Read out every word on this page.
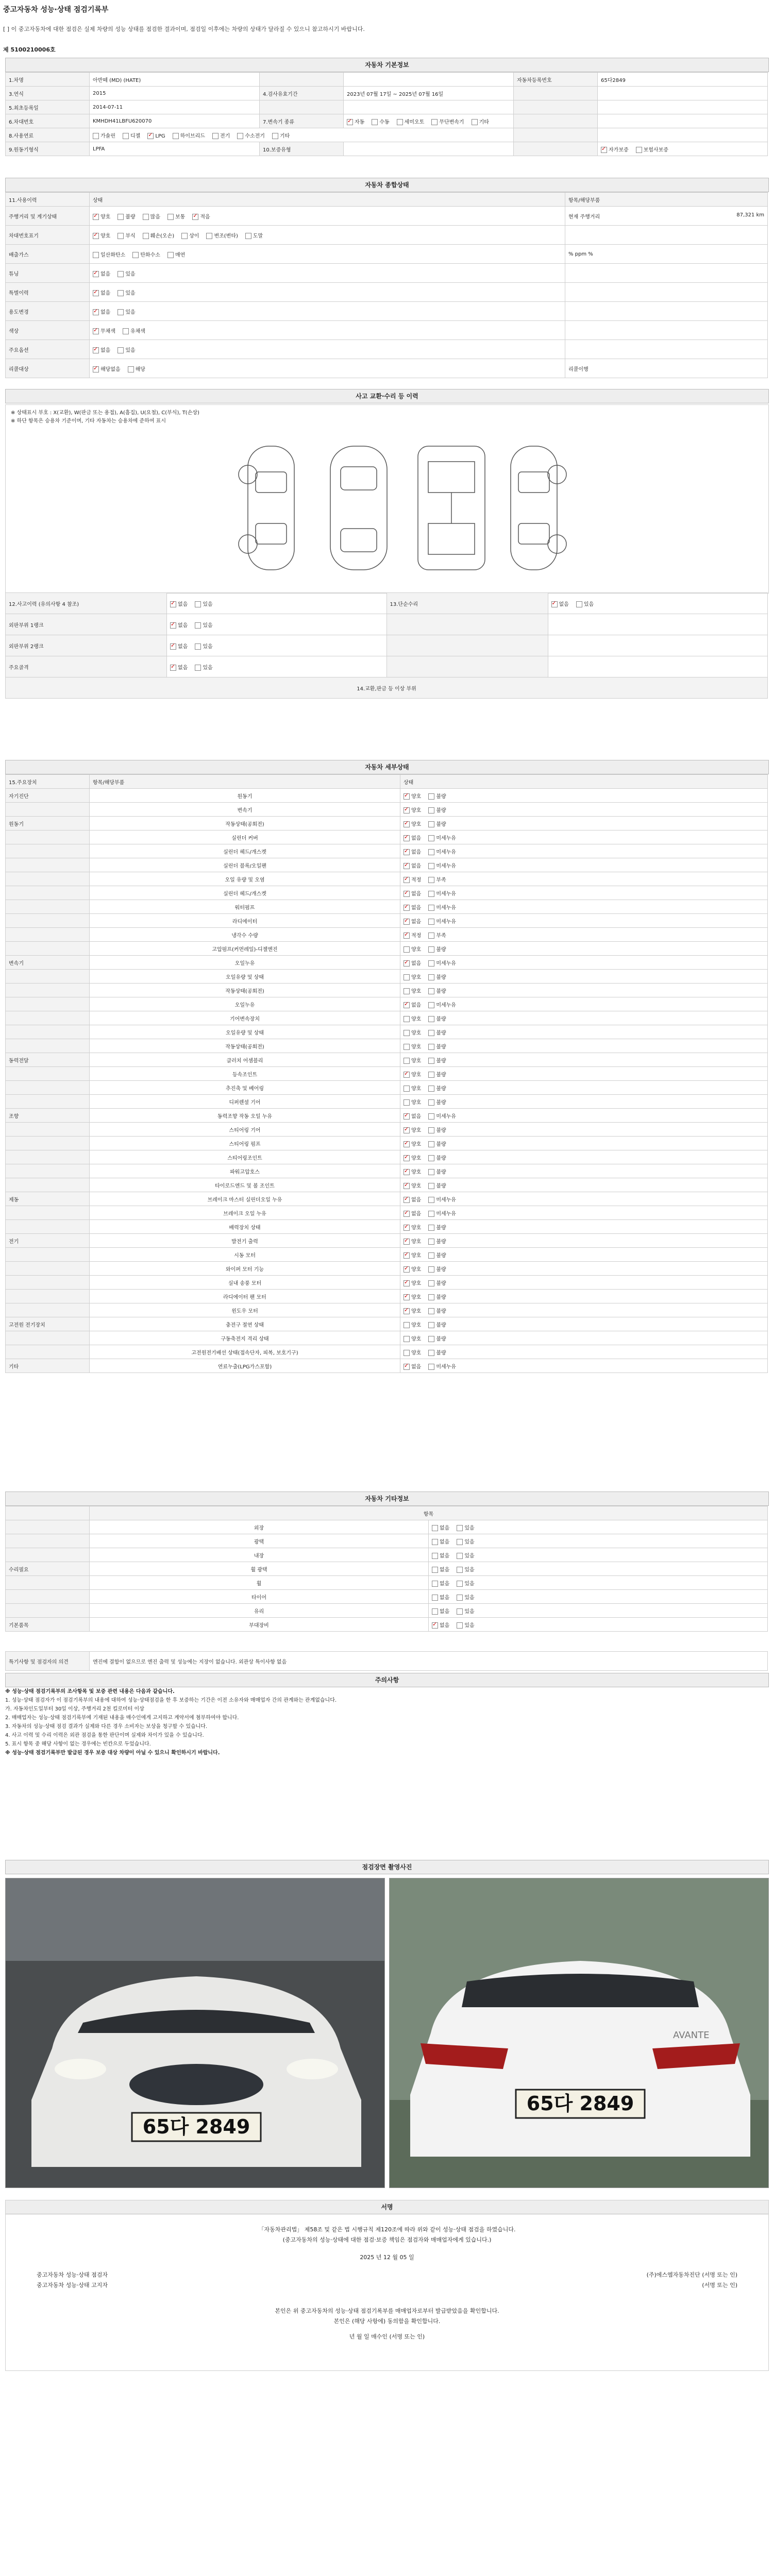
중고자동차 성능·상태 점검기록부
[ ] 이 중고자동차에 대한 점검은 실제 차량의 성능 상태를 점검한 결과이며, 점검일 이후에는 차량의 상태가 달라질 수 있으니 참고하시기 바랍니다.
제 5100210006호
자동차 기본정보
1.차명	아반떼 (MD) (HATE)			자동차등록번호	65다2849
3.연식	2015	4.검사유효기간	2023년 07월 17일 ~ 2025년 07월 16일		
5.최초등록일	2014-07-11				
6.차대번호	KMHDH41LBFU620070	7.변속기 종류	✓자동 수동 세미오토 무단변속기 기타		
8.사용연료	가솔린 디젤 ✓ LPG 하이브리드 전기 수소전기 기타		
9.원동기형식	LPFA	10.보증유형			✓자가보증 보험사보증
자동차 종합상태
11.사용이력	상태	항목/해당부품
주행거리 및 계기상태	✓양호 불량 많음 보통 ✓ 적음	현재 주행거리 87,321 km

차대번호표기	✓양호 부식 훼손(오손) 상이 변조(변타) 도말	

배출가스	일산화탄소 탄화수소 매연	% ppm %

튜닝	✓없음 있음	

특별이력	✓없음 있음	

용도변경	✓없음 있음	

색상	✓무채색 유채색	

주요옵션	✓없음 있음	

리콜대상	✓해당없음 해당	리콜이행
사고 교환·수리 등 이력
※ 상태표시 부호 : X(교환), W(판금 또는 용접), A(흠집), U(요철), C(부식), T(손상)
※ 하단 항목은 승용차 기준이며, 기타 자동차는 승용차에 준하여 표시
12.사고이력 (유의사항 4 참조)	✓없음 있음	13.단순수리	✓없음 있음
외판부위 1랭크	✓없음 있음		
외판부위 2랭크	✓없음 있음		
주요골격	✓없음 있음		
14.교환,판금 등 이상 부위			
자동차 세부상태
15.주요장치	항목/해당부품	상태
자기진단	원동기	✓양호 불량
	변속기	✓양호 불량
원동기	작동상태(공회전)	✓양호 불량
	실린더 커버	✓없음 미세누유
	실린더 헤드/개스켓	✓없음 미세누유
	실린더 블록/오일팬	✓없음 미세누유
	오일 유량 및 오염	✓적정 부족
	실린더 헤드/개스켓	✓없음 미세누유
	워터펌프	✓없음 미세누유
	라디에이터	✓없음 미세누유
	냉각수 수량	✓적정 부족
	고압펌프(커먼레일)-디젤엔진	양호 불량
변속기	오일누유	✓없음 미세누유
	오일유량 및 상태	양호 불량
	작동상태(공회전)	양호 불량
	오일누유	✓없음 미세누유
	기어변속장치	양호 불량
	오일유량 및 상태	양호 불량
	작동상태(공회전)	양호 불량
동력전달	클러치 어셈블리	양호 불량
	등속조인트	✓양호 불량
	추진축 및 베어링	양호 불량
	디퍼렌셜 기어	양호 불량
조향	동력조향 작동 오일 누유	✓없음 미세누유
	스티어링 기어	✓양호 불량
	스티어링 펌프	✓양호 불량
	스티어링조인트	✓양호 불량
	파워고압호스	✓양호 불량
	타이로드엔드 및 볼 조인트	✓양호 불량
제동	브레이크 마스터 실린더오일 누유	✓없음 미세누유
	브레이크 오일 누유	✓없음 미세누유
	배력장치 상태	✓양호 불량
전기	발전기 출력	✓양호 불량
	시동 모터	✓양호 불량
	와이퍼 모터 기능	✓양호 불량
	실내 송풍 모터	✓양호 불량
	라디에이터 팬 모터	✓양호 불량
	윈도우 모터	✓양호 불량
고전원 전기장치	충전구 절연 상태	양호 불량
	구동축전지 격리 상태	양호 불량
	고전원전기배선 상태(접속단자, 피복, 보호기구)	양호 불량
기타	연료누출(LPG가스포함)	✓없음 미세누유
자동차 기타정보
	항목	
	외장	없음 있음
	광택	없음 있음
	내장	없음 있음
수리필요	휠 광택	없음 있음
	휠	없음 있음
	타이어	없음 있음
	유리	없음 있음
기본품목	부대장비	✓없음 있음
특기사항 및 점검자의 의견	엔진에 결함이 없으므로 엔진 출력 및 성능에는 지장이 없습니다. 외관상 특이사항 없음
주의사항
※ 성능·상태 점검기록부의 조사항목 및 보증 관련 내용은 다음과 같습니다.
1. 성능·상태 점검자가 이 점검기록부의 내용에 대하여 성능·상태점검을 한 후 보증하는 기간은 이전 소유자와 매매업자 간의 관계와는 관계없습니다.
가. 자동차인도일부터 30일 이상, 주행거리 2천 킬로미터 이상
2. 매매업자는 성능·상태 점검기록부에 기재된 내용을 매수인에게 고지하고 계약서에 첨부하여야 합니다.
3. 자동차의 성능·상태 점검 결과가 실제와 다른 경우 소비자는 보상을 청구할 수 있습니다.
4. 사고 이력 및 수리 이력은 외관 점검을 통한 판단이며 실제와 차이가 있을 수 있습니다.
5. 표시 항목 중 해당 사항이 없는 경우에는 빈칸으로 두었습니다.
※ 성능·상태 점검기록부만 발급된 경우 보증 대상 차량이 아닐 수 있으니 확인하시기 바랍니다.
점검장면 촬영사진
65다 2849
AVANTE
65다 2849
서명
「자동차관리법」 제58조 및 같은 법 시행규칙 제120조에 따라 위와 같이 성능·상태 점검을 하였습니다.
(중고자동차의 성능·상태에 대한 점검·보증 책임은 점검자와 매매업자에게 있습니다.)
2025 년 12 월 05 일
중고자동차 성능·상태 점검자
중고자동차 성능·상태 고지자
(주)에스엠자동차진단 (서명 또는 인)
(서명 또는 인)
본인은 위 중고자동차의 성능·상태 점검기록부를 매매업자로부터 발급받았음을 확인합니다.
본인은 (해당 사항에) 동의함을 확인합니다.
년 월 일 매수인 (서명 또는 인)
